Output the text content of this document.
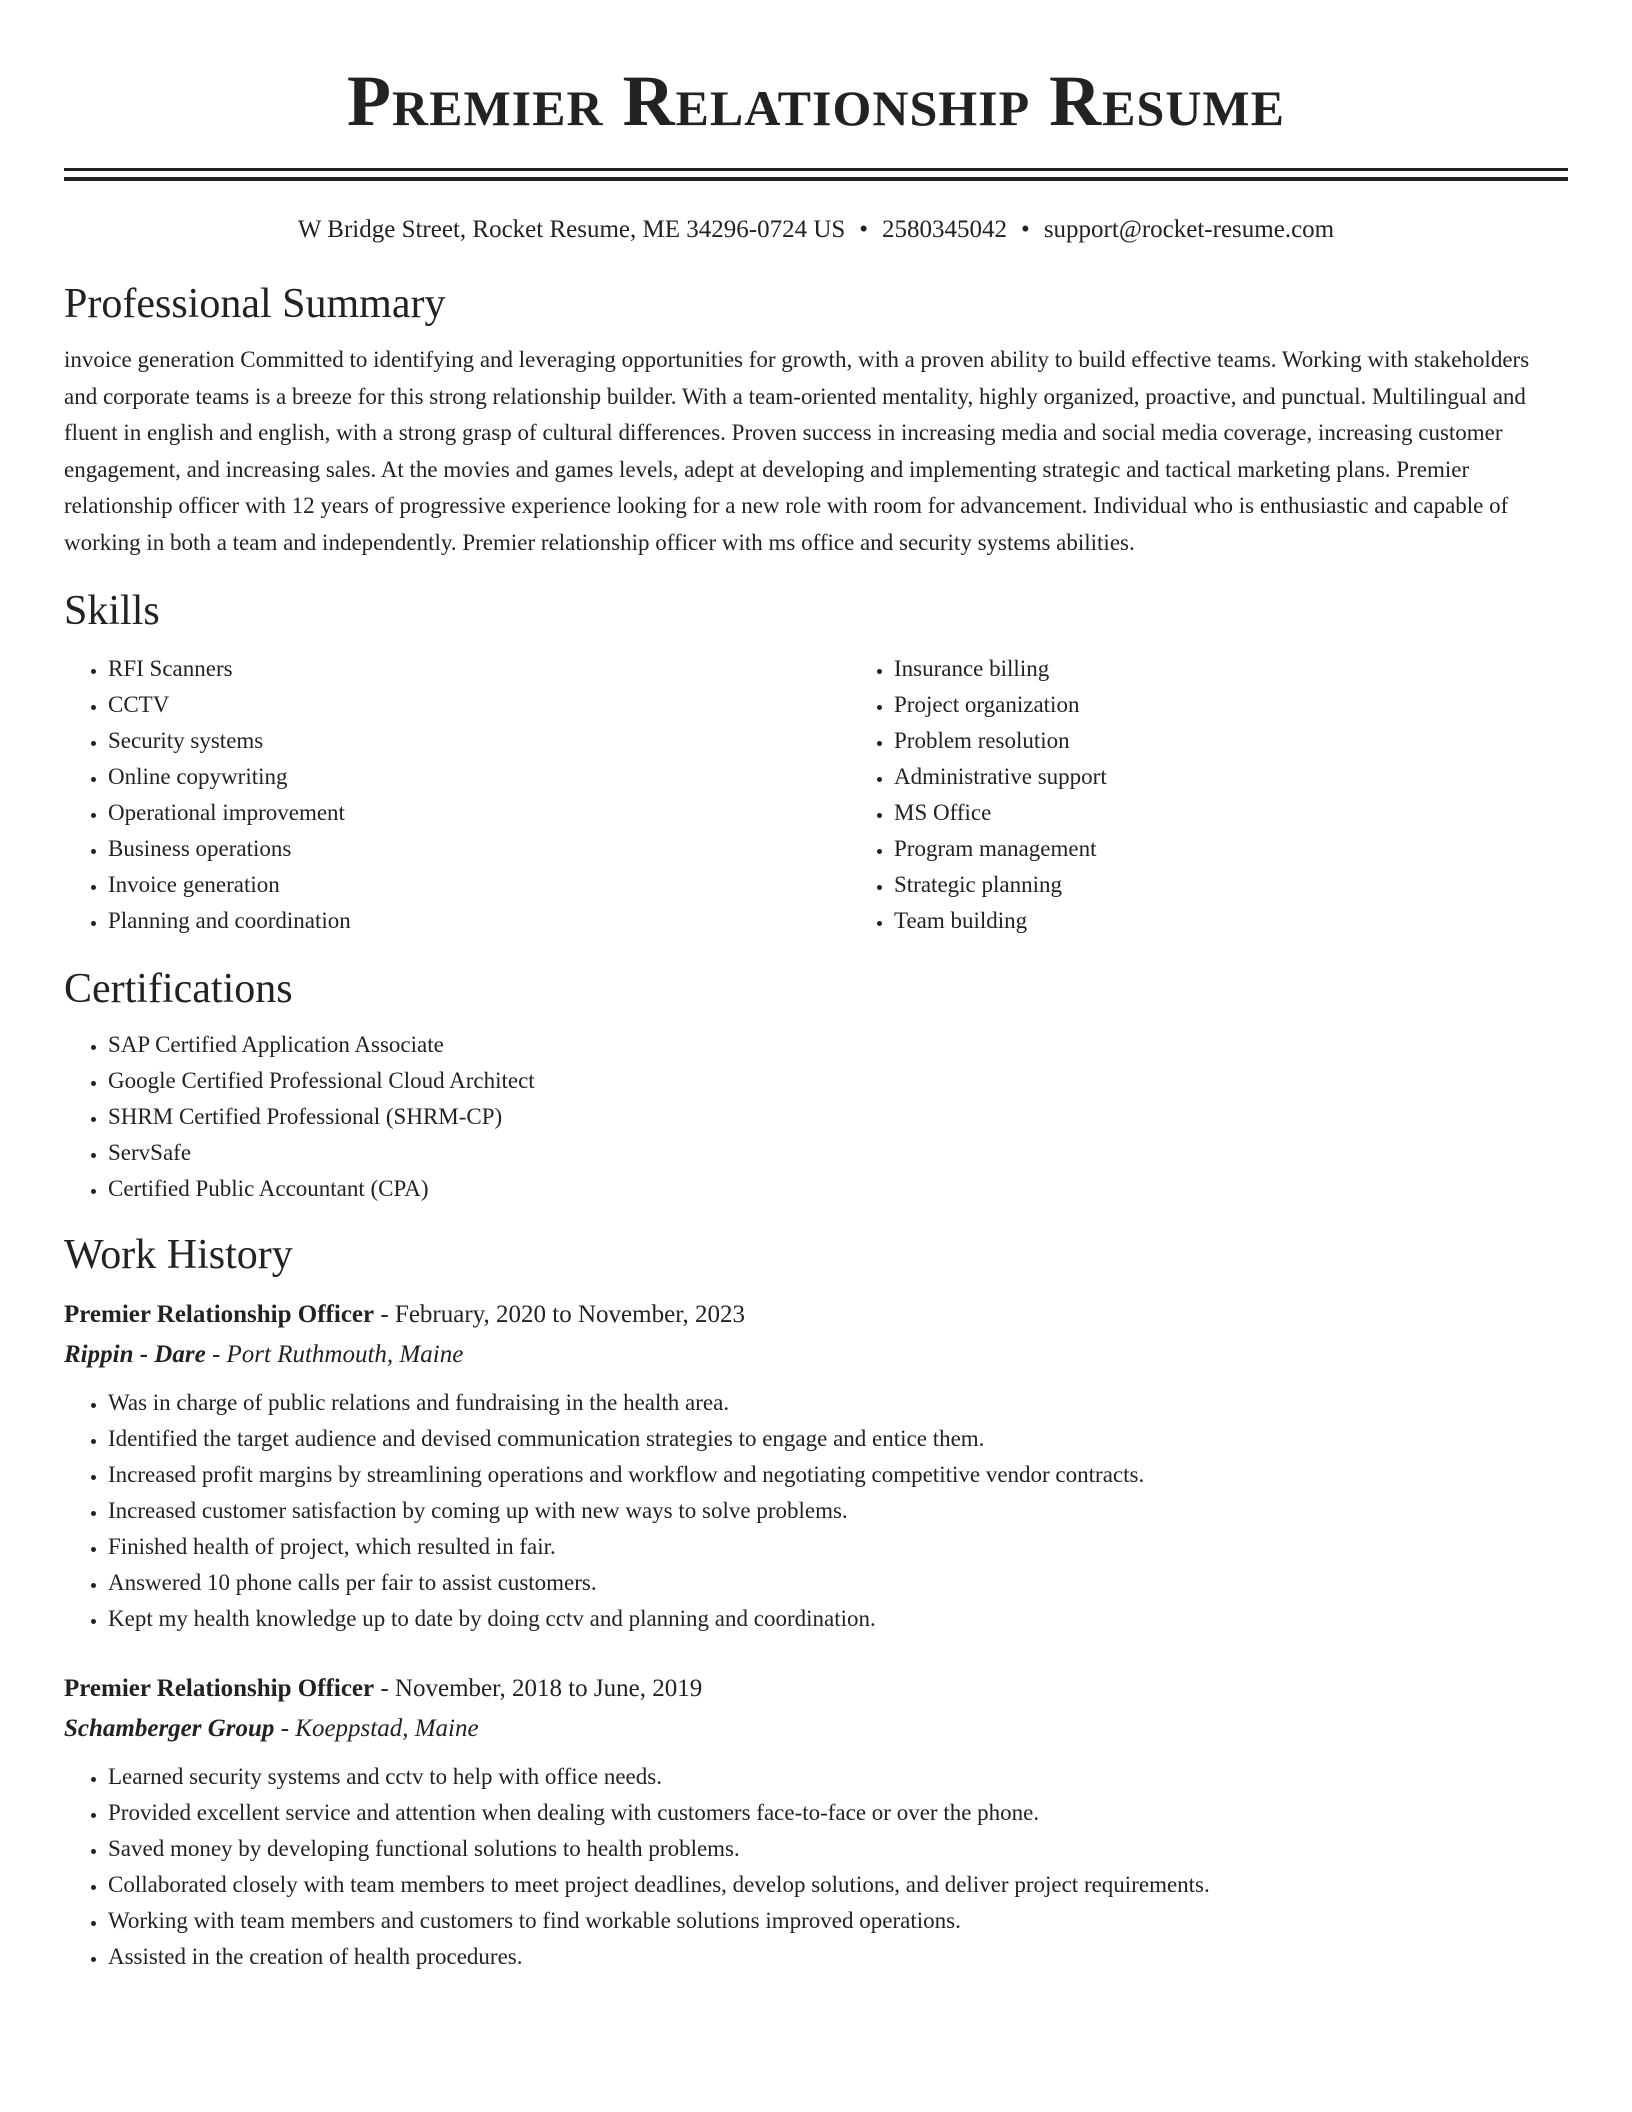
Premier Relationship Resume
W Bridge Street, Rocket Resume, ME 34296-0724 US • 2580345042 • support@rocket-resume.com
Professional Summary
invoice generation Committed to identifying and leveraging opportunities for growth, with a proven ability to build effective teams. Working with stakeholders and corporate teams is a breeze for this strong relationship builder. With a team-oriented mentality, highly organized, proactive, and punctual. Multilingual and fluent in english and english, with a strong grasp of cultural differences. Proven success in increasing media and social media coverage, increasing customer engagement, and increasing sales. At the movies and games levels, adept at developing and implementing strategic and tactical marketing plans. Premier relationship officer with 12 years of progressive experience looking for a new role with room for advancement. Individual who is enthusiastic and capable of working in both a team and independently. Premier relationship officer with ms office and security systems abilities.
Skills
• RFI Scanners
• CCTV
• Security systems
• Online copywriting
• Operational improvement
• Business operations
• Invoice generation
• Planning and coordination
• Insurance billing
• Project organization
• Problem resolution
• Administrative support
• MS Office
• Program management
• Strategic planning
• Team building
Certifications
• SAP Certified Application Associate
• Google Certified Professional Cloud Architect
• SHRM Certified Professional (SHRM-CP)
• ServSafe
• Certified Public Accountant (CPA)
Work History
Premier Relationship Officer - February, 2020 to November, 2023
Rippin - Dare - Port Ruthmouth, Maine
• Was in charge of public relations and fundraising in the health area.
• Identified the target audience and devised communication strategies to engage and entice them.
• Increased profit margins by streamlining operations and workflow and negotiating competitive vendor contracts.
• Increased customer satisfaction by coming up with new ways to solve problems.
• Finished health of project, which resulted in fair.
• Answered 10 phone calls per fair to assist customers.
• Kept my health knowledge up to date by doing cctv and planning and coordination.
Premier Relationship Officer - November, 2018 to June, 2019
Schamberger Group - Koeppstad, Maine
• Learned security systems and cctv to help with office needs.
• Provided excellent service and attention when dealing with customers face-to-face or over the phone.
• Saved money by developing functional solutions to health problems.
• Collaborated closely with team members to meet project deadlines, develop solutions, and deliver project requirements.
• Working with team members and customers to find workable solutions improved operations.
• Assisted in the creation of health procedures.
